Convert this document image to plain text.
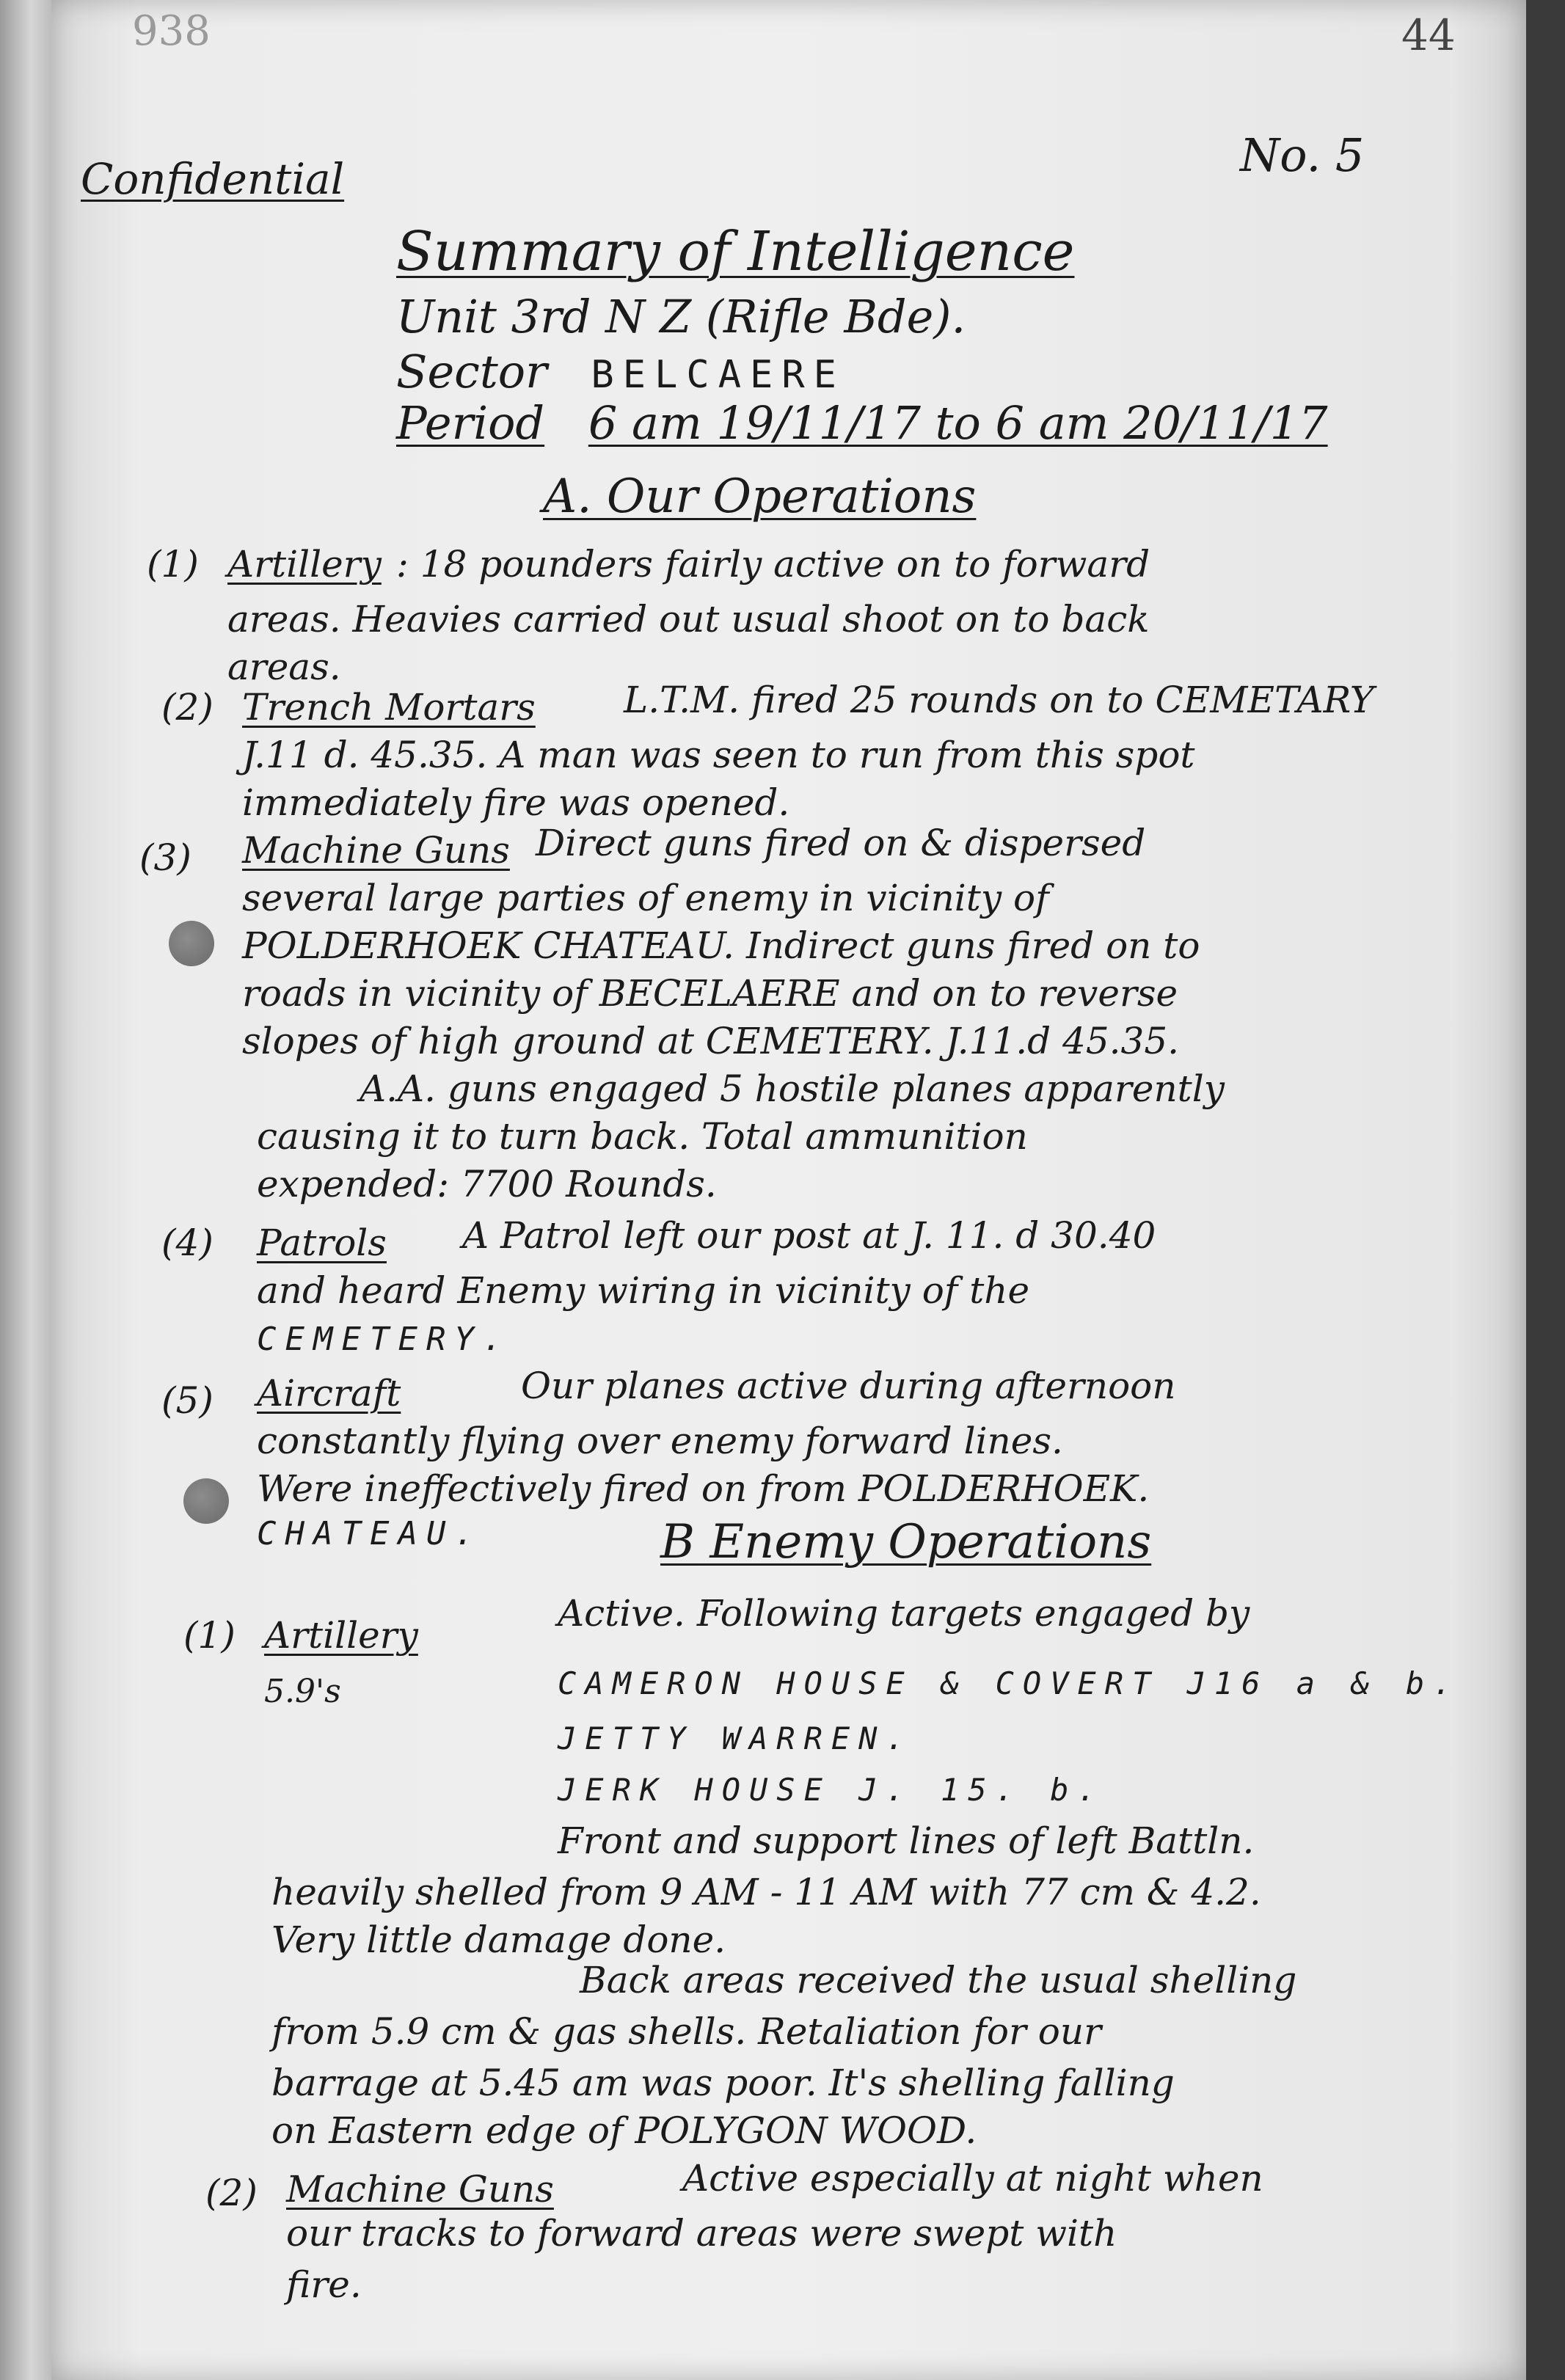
938	44
Confidential	No. 5
Summary of Intelligence
Unit 3rd N Z (Rifle Bde).
Sector BELCAERE
Period 6 am 19/11/17 to 6 am 20/11/17
A. Our Operations
(1) Artillery : 18 pounders fairly active on to forward
areas. Heavies carried out usual shoot on to back
areas.
(2) Trench Mortars L.T.M. fired 25 rounds on to CEMETARY
J.11 d. 45.35. A man was seen to run from this spot
immediately fire was opened.
(3) Machine Guns Direct guns fired on & dispersed
several large parties of enemy in vicinity of
POLDERHOEK CHATEAU. Indirect guns fired on to
roads in vicinity of BECELAERE and on to reverse
slopes of high ground at CEMETERY. J.11.d 45.35.
A.A. guns engaged 5 hostile planes apparently
causing it to turn back. Total ammunition
expended: 7700 Rounds.
(4) Patrols A Patrol left our post at J. 11. d 30.40
and heard Enemy wiring in vicinity of the
CEMETERY.
(5) Aircraft	Our planes active during afternoon
constantly flying over enemy forward lines.
Were ineffectively fired on from POLDERHOEK.
CHATEAU.	B Enemy Operations
(1) Artillery
5.9's
Active. Following targets engaged by
CAMERON HOUSE & COVERT J16 a & b.
JETTY WARREN.
JERK HOUSE J. 15. b.
Front and support lines of left Battln.
heavily shelled from 9 AM - 11 AM with 77 cm & 4.2.
Very little damage done.
Back areas received the usual shelling
from 5.9 cm & gas shells. Retaliation for our
barrage at 5.45 am was poor. It's shelling falling
on Eastern edge of POLYGON WOOD.
(2) Machine Guns	Active especially at night when
our tracks to forward areas were swept with
fire.
